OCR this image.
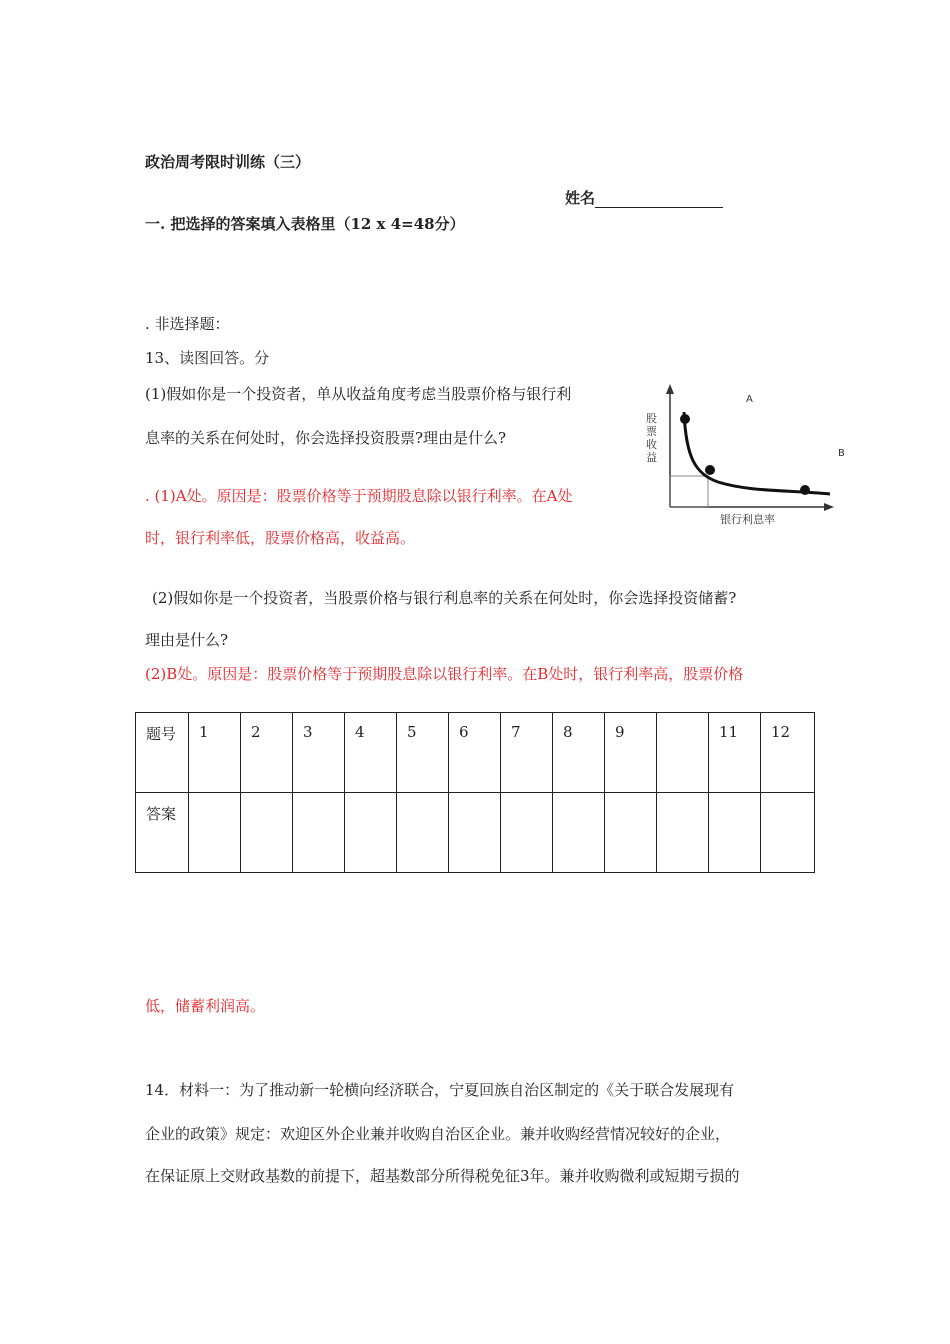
政治周考限时训练（三）
姓名
一. 把选择的答案填入表格里（12 x 4=48分）
. 非选择题：
13、读图回答。分
(1)假如你是一个投资者，单从收益角度考虑当股票价格与银行利
息率的关系在何处时，你会选择投资股票?理由是什么?
. (1)A处。原因是：股票价格等于预期股息除以银行利率。在A处
时，银行利率低，股票价格高，收益高。
A
B
股
票
收
益
银行利息率
(2)假如你是一个投资者，当股票价格与银行利息率的关系在何处时，你会选择投资储蓄?
理由是什么?
(2)B处。原因是：股票价格等于预期股息除以银行利率。在B处时，银行利率高，股票价格
题号	1	2	3	4	5	6	7	8	9		11	12
答案												
低，储蓄利润高。
14．材料一：为了推动新一轮横向经济联合，宁夏回族自治区制定的《关于联合发展现有
企业的政策》规定：欢迎区外企业兼并收购自治区企业。兼并收购经营情况较好的企业，
在保证原上交财政基数的前提下，超基数部分所得税免征3年。兼并收购微利或短期亏损的
